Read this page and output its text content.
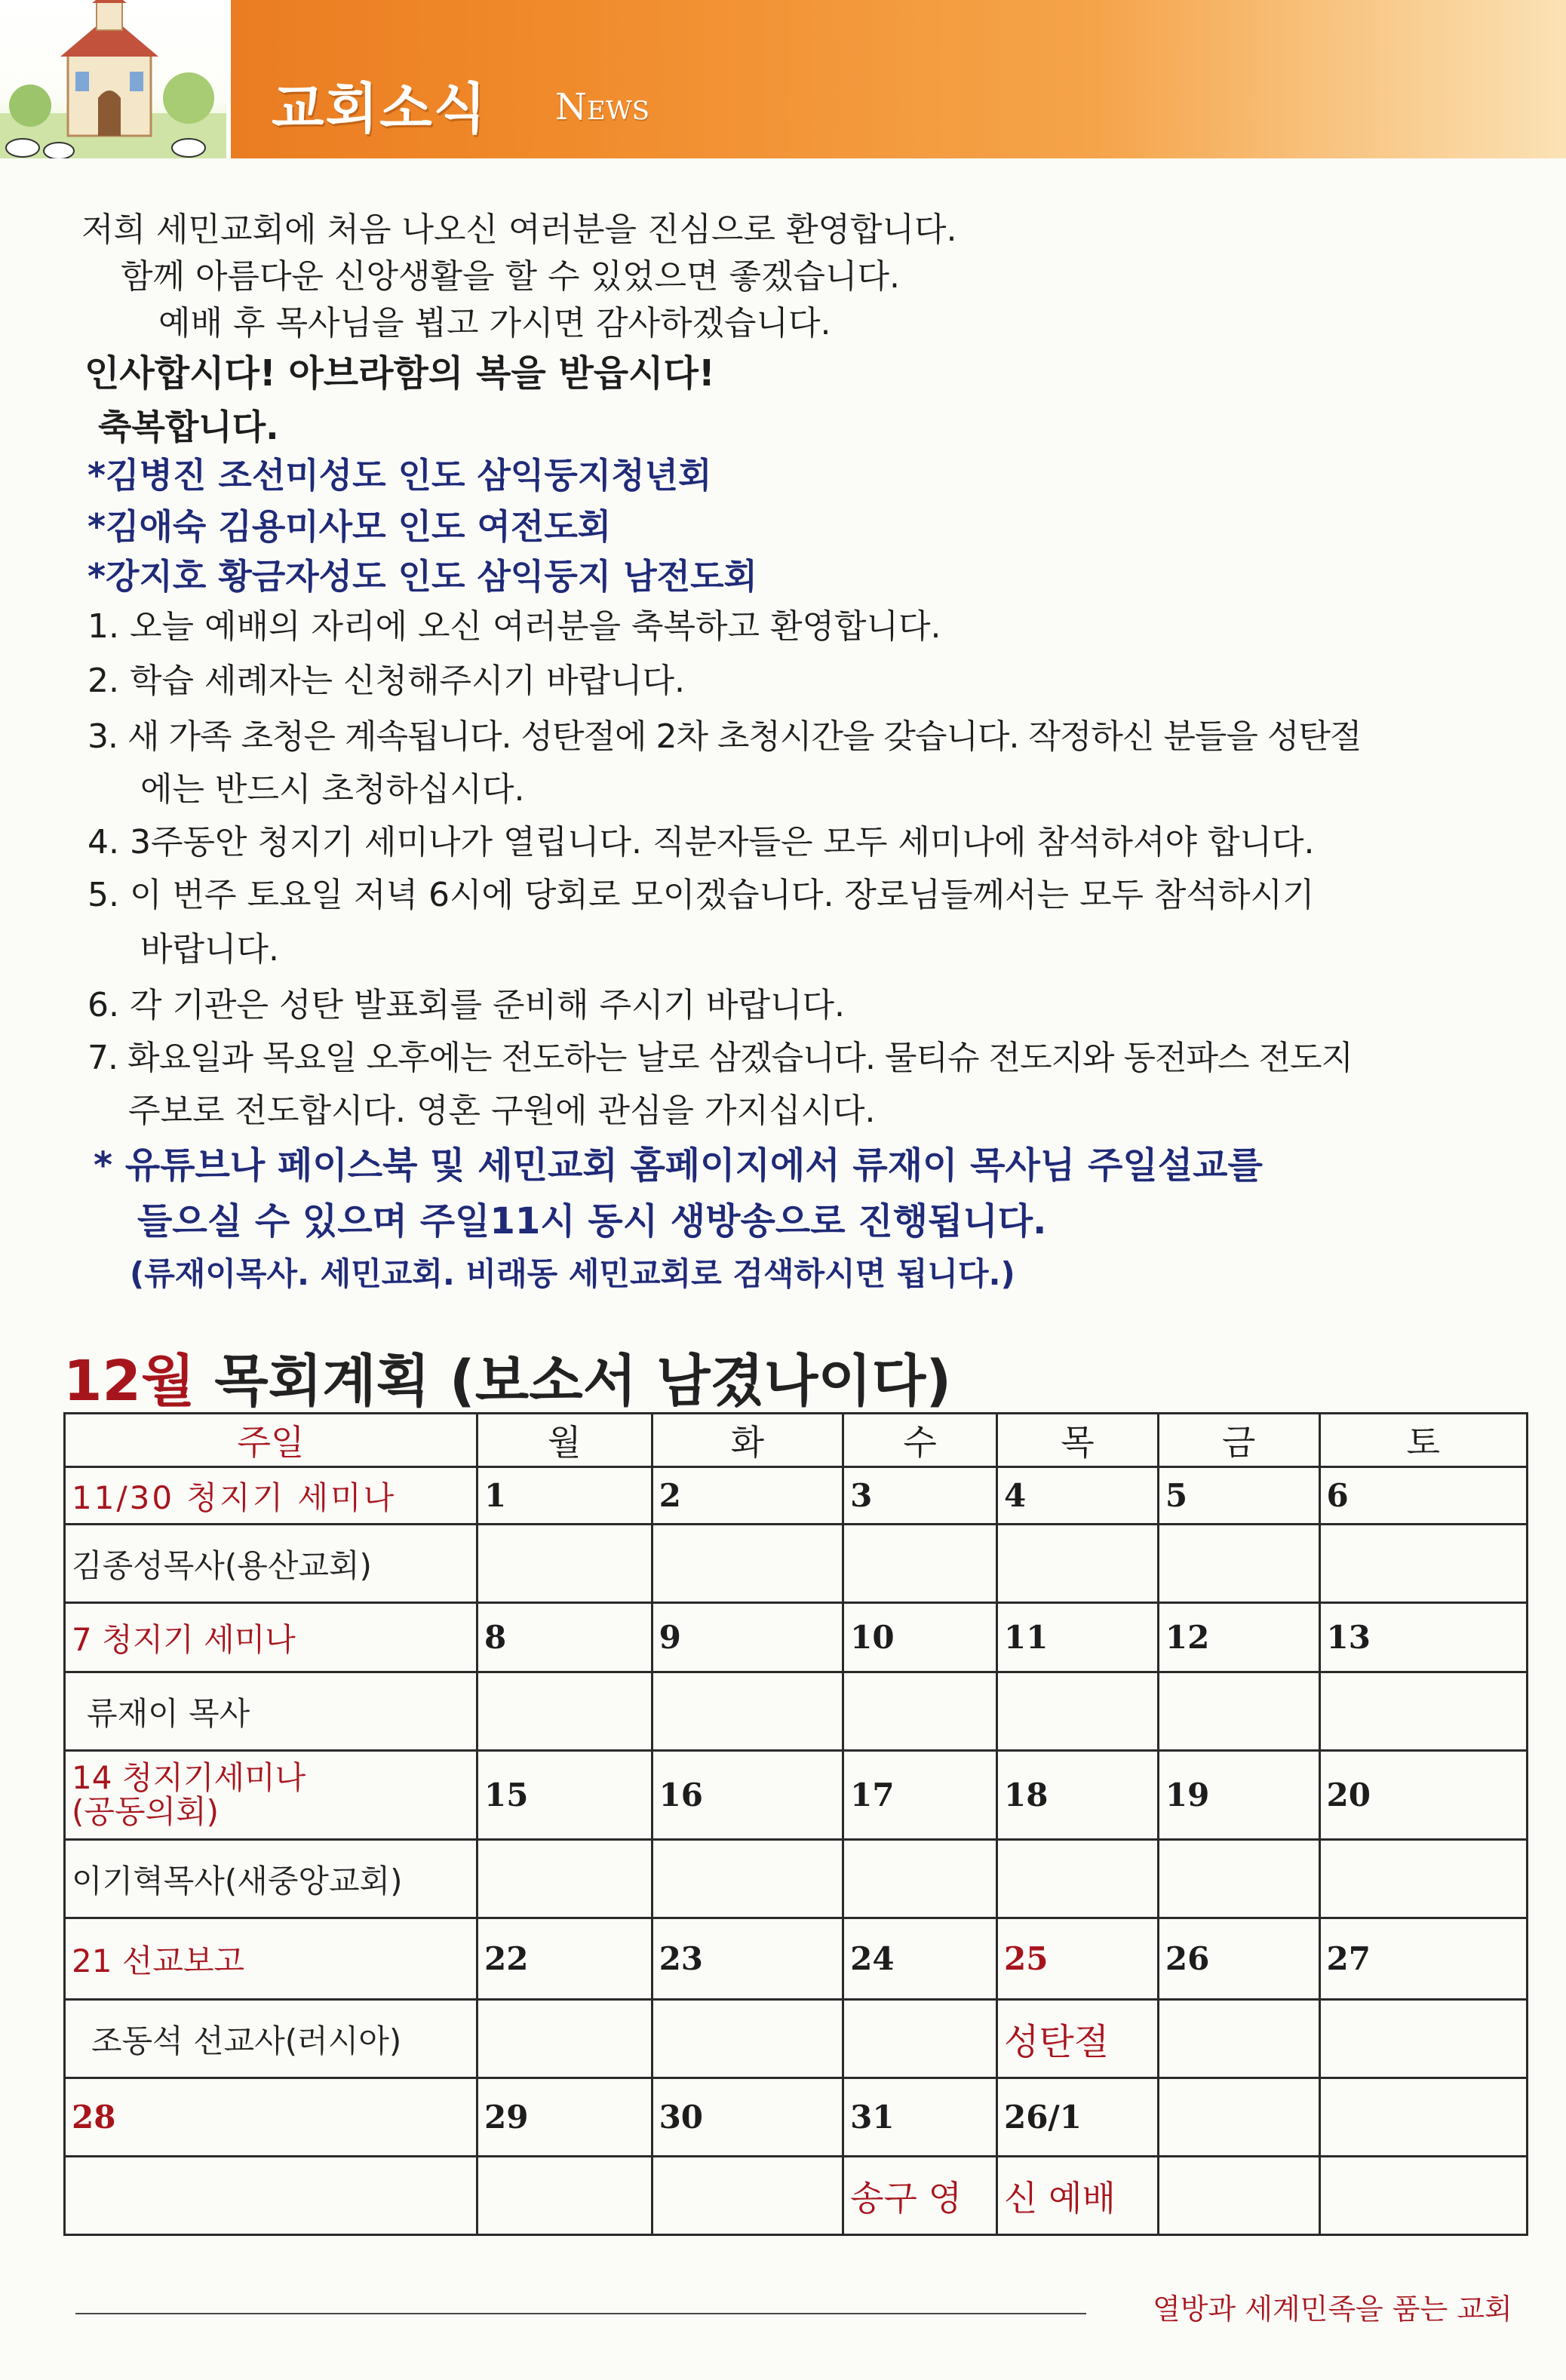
교회소식 News
저희 세민교회에 처음 나오신 여러분을 진심으로 환영합니다.
함께 아름다운 신앙생활을 할 수 있었으면 좋겠습니다.
예배 후 목사님을 뵙고 가시면 감사하겠습니다.
인사합시다! 아브라함의 복을 받읍시다!
축복합니다.
*김병진 조선미성도 인도 삼익둥지청년회
*김애숙 김용미사모 인도 여전도회
*강지호 황금자성도 인도 삼익둥지 남전도회
1. 오늘 예배의 자리에 오신 여러분을 축복하고 환영합니다.
2. 학습 세례자는 신청해주시기 바랍니다.
3. 새 가족 초청은 계속됩니다. 성탄절에 2차 초청시간을 갖습니다. 작정하신 분들을 성탄절
에는 반드시 초청하십시다.
4. 3주동안 청지기 세미나가 열립니다. 직분자들은 모두 세미나에 참석하셔야 합니다.
5. 이 번주 토요일 저녁 6시에 당회로 모이겠습니다. 장로님들께서는 모두 참석하시기
바랍니다.
6. 각 기관은 성탄 발표회를 준비해 주시기 바랍니다.
7. 화요일과 목요일 오후에는 전도하는 날로 삼겠습니다. 물티슈 전도지와 동전파스 전도지
주보로 전도합시다. 영혼 구원에 관심을 가지십시다.
* 유튜브나 페이스북 및 세민교회 홈페이지에서 류재이 목사님 주일설교를
들으실 수 있으며 주일11시 동시 생방송으로 진행됩니다.
(류재이목사. 세민교회. 비래동 세민교회로 검색하시면 됩니다.)
12월 목회계획 (보소서 남겼나이다)
주일	월	화	수	목	금	토
11/30 청지기 세미나	1	2	3	4	5	6
김종성목사(용산교회)						
7 청지기 세미나	8	9	10	11	12	13
류재이 목사						
14 청지기세미나
(공동의회)	15	16	17	18	19	20
이기혁목사(새중앙교회)						
21 선교보고	22	23	24	25	26	27
조동석 선교사(러시아)				성탄절		
28	29	30	31	26/1		
			송구 영	신 예배		
열방과 세계민족을 품는 교회
